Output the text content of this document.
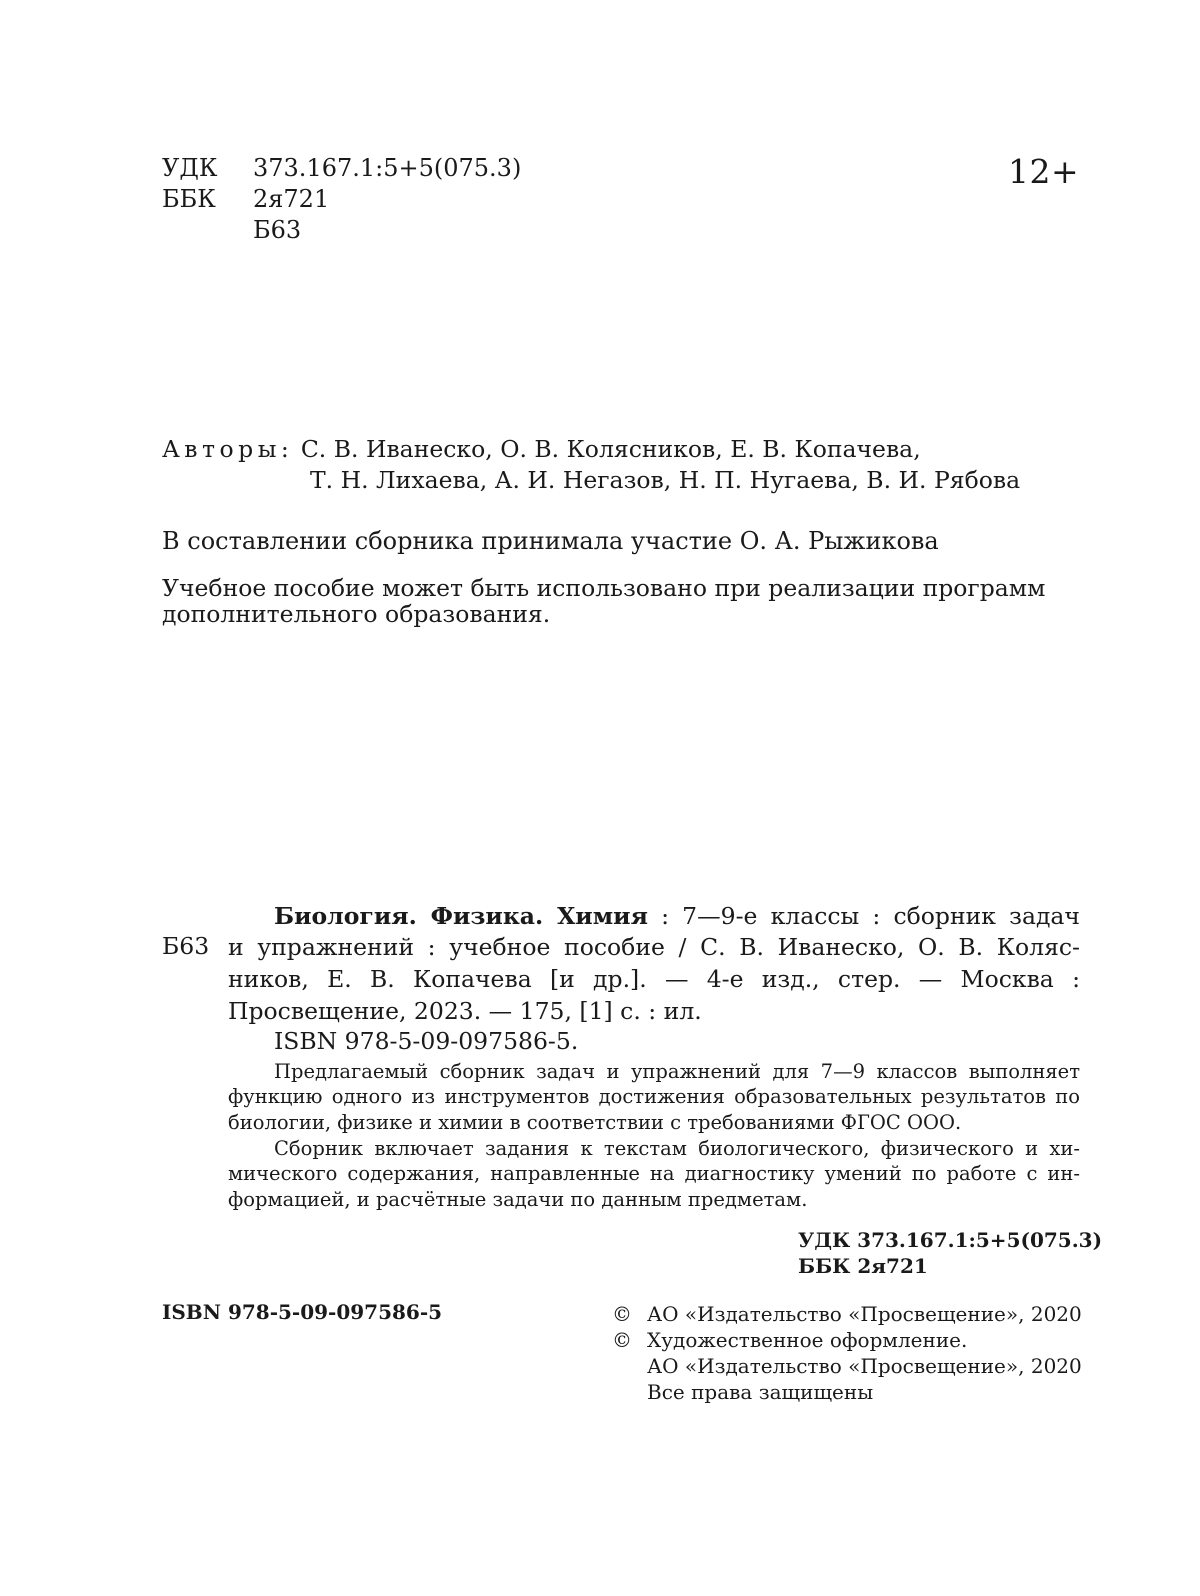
УДК 373.167.1:5+5(075.3)
ББК 2я721
Б63
12+
Авторы: С. В. Иванеско, О. В. Колясников, Е. В. Копачева,
Т. Н. Лихаева, А. И. Негазов, Н. П. Нугаева, В. И. Рябова
В составлении сборника принимала участие О. А. Рыжикова
Учебное пособие может быть использовано при реализации программ
дополнительного образования.
Б63
Биология. Физика. Химия : 7—9-е классы : сборник задач
и упражнений : учебное пособие / С. В. Иванеско, О. В. Коляс-
ников, Е. В. Копачева [и др.]. — 4-е изд., стер. — Москва :
Просвещение, 2023. — 175, [1] с. : ил.
ISBN 978-5-09-097586-5.
Предлагаемый сборник задач и упражнений для 7—9 классов выполняет
функцию одного из инструментов достижения образовательных результатов по
биологии, физике и химии в соответствии с требованиями ФГОС ООО.
Сборник включает задания к текстам биологического, физического и хи-
мического содержания, направленные на диагностику умений по работе с ин-
формацией, и расчётные задачи по данным предметам.
УДК 373.167.1:5+5(075.3)
ББК 2я721
ISBN 978-5-09-097586-5	© АО «Издательство «Просвещение», 2020
© Художественное оформление.
АО «Издательство «Просвещение», 2020
Все права защищены
